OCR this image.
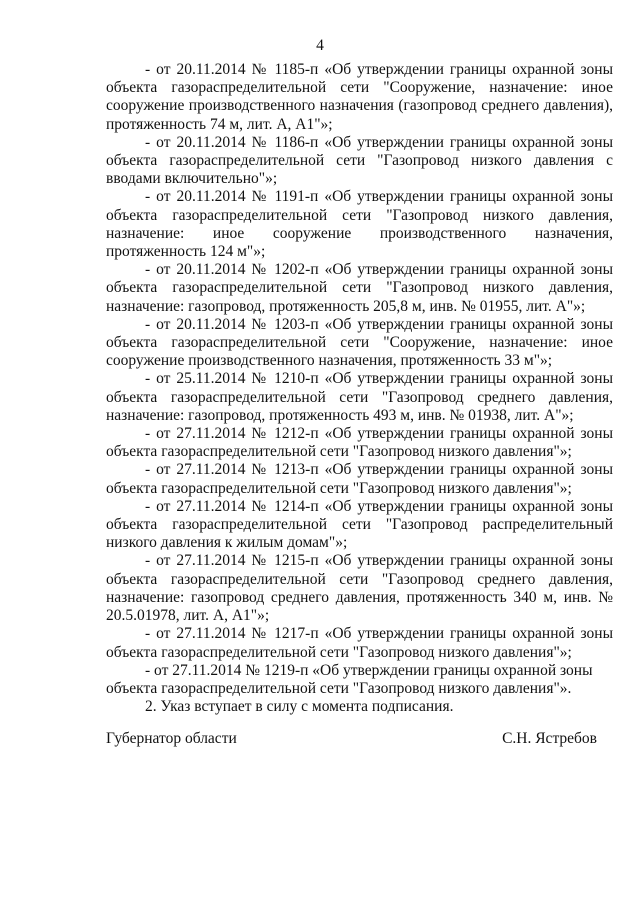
4

- от 20.11.2014 № 1185-п «Об утверждении границы охранной зоны объекта газораспределительной сети "Сооружение, назначение: иное сооружение производственного назначения (газопровод среднего давления), протяженность 74 м, лит. А, А1"»;

- от 20.11.2014 № 1186-п «Об утверждении границы охранной зоны объекта газораспределительной сети "Газопровод низкого давления с вводами включительно"»;

- от 20.11.2014 № 1191-п «Об утверждении границы охранной зоны объекта газораспределительной сети "Газопровод низкого давления, назначение: иное сооружение производственного назначения, протяженность 124 м"»;

- от 20.11.2014 № 1202-п «Об утверждении границы охранной зоны объекта газораспределительной сети "Газопровод низкого давления, назначение: газопровод, протяженность 205,8 м, инв. № 01955, лит. А"»;

- от 20.11.2014 № 1203-п «Об утверждении границы охранной зоны объекта газораспределительной сети "Сооружение, назначение: иное сооружение производственного назначения, протяженность 33 м"»;

- от 25.11.2014 № 1210-п «Об утверждении границы охранной зоны объекта газораспределительной сети "Газопровод среднего давления, назначение: газопровод, протяженность 493 м, инв. № 01938, лит. А"»;

- от 27.11.2014 № 1212-п «Об утверждении границы охранной зоны объекта газораспределительной сети "Газопровод низкого давления"»;

- от 27.11.2014 № 1213-п «Об утверждении границы охранной зоны объекта газораспределительной сети "Газопровод низкого давления"»;

- от 27.11.2014 № 1214-п «Об утверждении границы охранной зоны объекта газораспределительной сети "Газопровод распределительный низкого давления к жилым домам"»;

- от 27.11.2014 № 1215-п «Об утверждении границы охранной зоны объекта газораспределительной сети "Газопровод среднего давления, назначение: газопровод среднего давления, протяженность 340 м, инв. № 20.5.01978, лит. А, А1"»;

- от 27.11.2014 № 1217-п «Об утверждении границы охранной зоны объекта газораспределительной сети "Газопровод низкого давления"»;

- от 27.11.2014 № 1219-п «Об утверждении границы охранной зоны объекта газораспределительной сети "Газопровод низкого давления"».

2. Указ вступает в силу с момента подписания.

Губернатор области	С.Н. Ястребов
